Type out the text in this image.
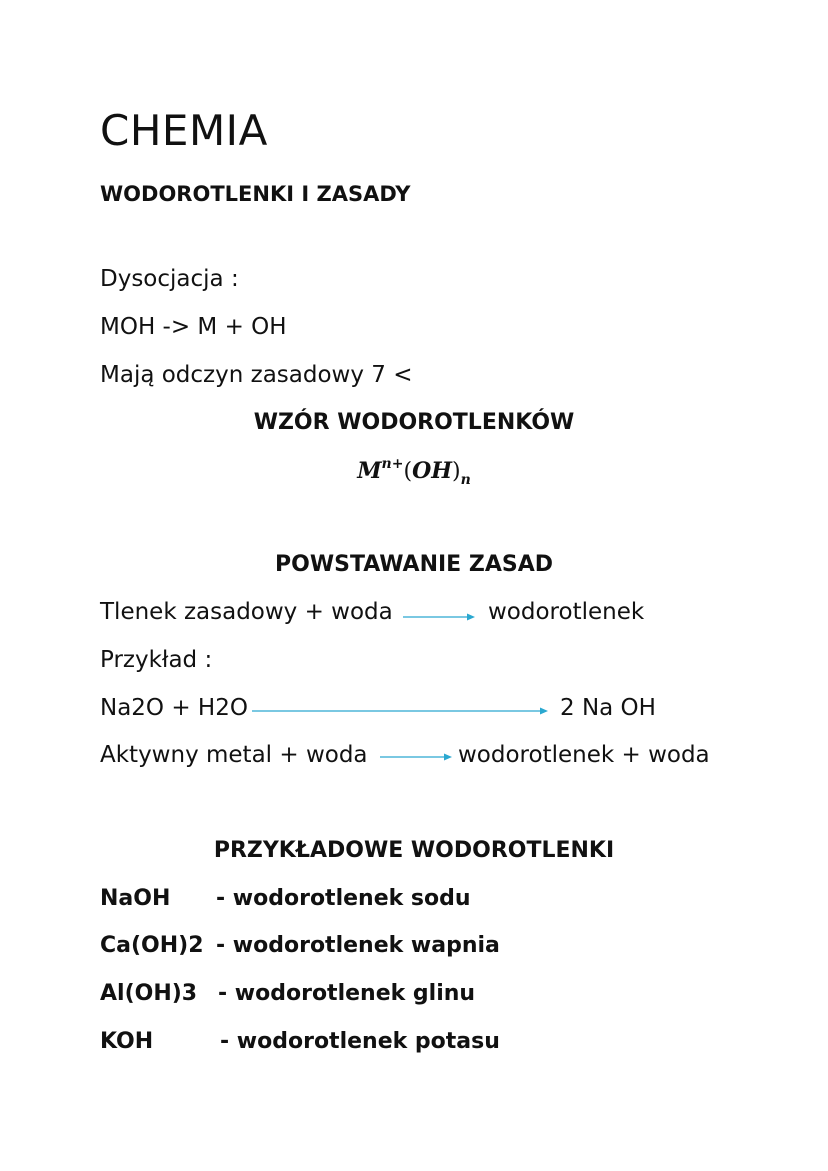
CHEMIA
WODOROTLENKI I ZASADY
Dysocjacja :
MOH -> M + OH
Mają odczyn zasadowy 7 <
WZÓR WODOROTLENKÓW
$M^{n+}(OH)_n$
POWSTAWANIE ZASAD
Tlenek zasadowy + woda	wodorotlenek
Przykład :
Na2O + H2O	2 Na OH
Aktywny metal + woda	wodorotlenek + woda
PRZYKŁADOWE WODOROTLENKI
NaOH - wodorotlenek sodu
Ca(OH)2 - wodorotlenek wapnia
Al(OH)3 - wodorotlenek glinu
KOH	- wodorotlenek potasu
